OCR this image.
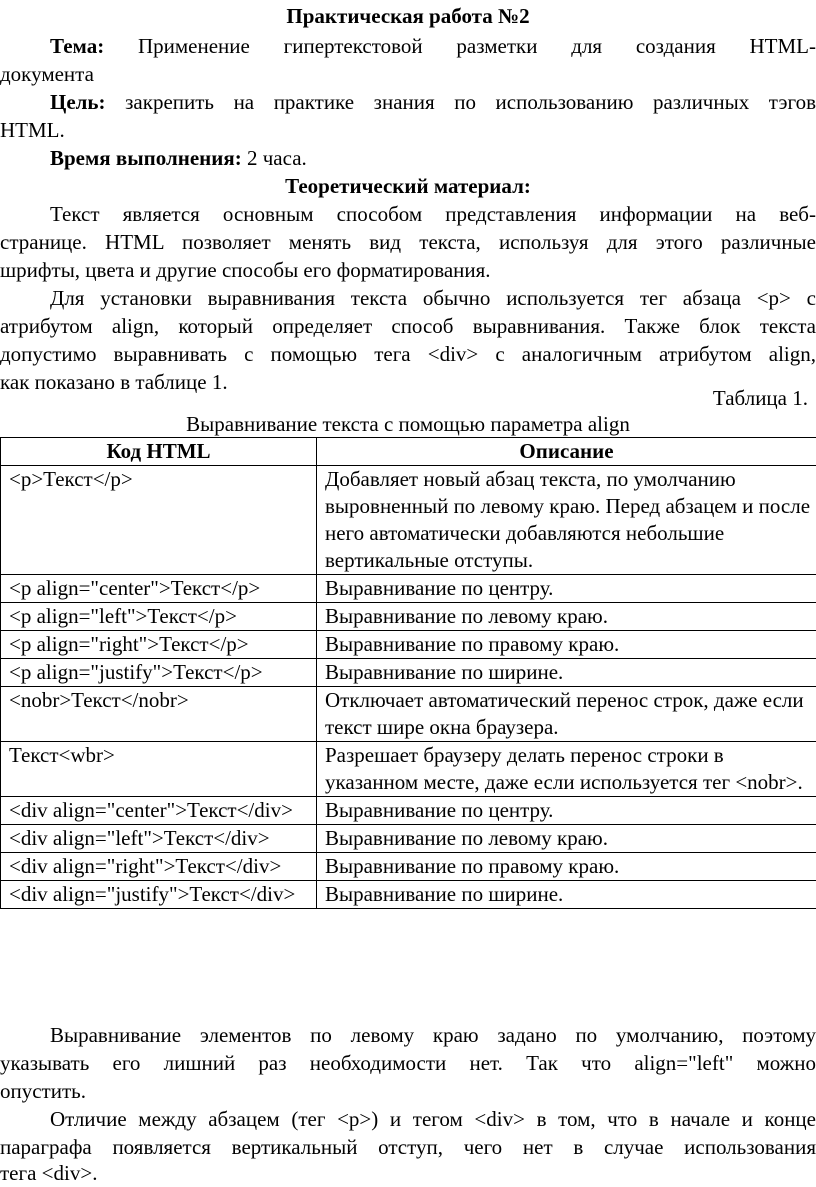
Практическая работа №2
Тема: Применение гипертекстовой разметки для создания HTML-
документа
Цель: закрепить на практике знания по использованию различных тэгов
HTML.
Время выполнения: 2 часа.
Теоретический материал:
Текст является основным способом представления информации на веб-
странице. HTML позволяет менять вид текста, используя для этого различные
шрифты, цвета и другие способы его форматирования.
Для установки выравнивания текста обычно используется тег абзаца <p> с
атрибутом align, который определяет способ выравнивания. Также блок текста
допустимо выравнивать с помощью тега <div> с аналогичным атрибутом align,
как показано в таблице 1.
Таблица 1.
Выравнивание текста с помощью параметра align
Код HTML	Описание
<p>Текст</p>	Добавляет новый абзац текста, по умолчанию выровненный по левому краю. Перед абзацем и после него автоматически добавляются небольшие вертикальные отступы.
<p align="center">Текст</p>	Выравнивание по центру.
<p align="left">Текст</p>	Выравнивание по левому краю.
<p align="right">Текст</p>	Выравнивание по правому краю.
<p align="justify">Текст</p>	Выравнивание по ширине.
<nobr>Текст</nobr>	Отключает автоматический перенос строк, даже если текст шире окна браузера.
Текст<wbr>	Разрешает браузеру делать перенос строки в указанном месте, даже если используется тег <nobr>.
<div align="center">Текст</div>	Выравнивание по центру.
<div align="left">Текст</div>	Выравнивание по левому краю.
<div align="right">Текст</div>	Выравнивание по правому краю.
<div align="justify">Текст</div>	Выравнивание по ширине.
Выравнивание элементов по левому краю задано по умолчанию, поэтому
указывать его лишний раз необходимости нет. Так что align="left" можно
опустить.
Отличие между абзацем (тег <p>) и тегом <div> в том, что в начале и конце
параграфа появляется вертикальный отступ, чего нет в случае использования
тега <div>.
